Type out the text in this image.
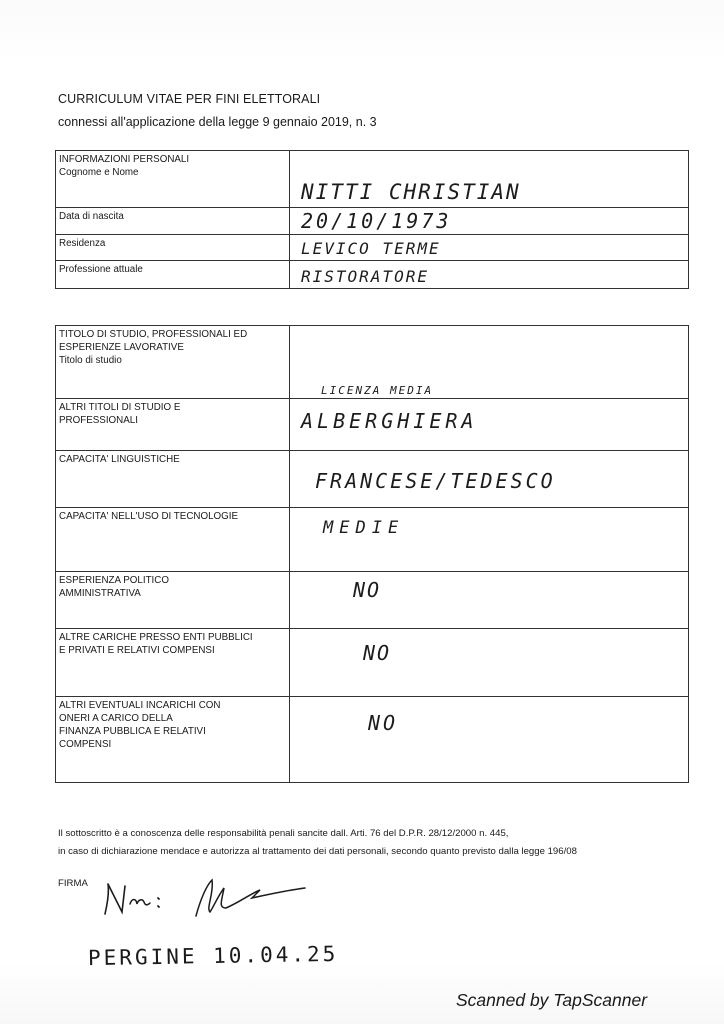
CURRICULUM VITAE PER FINI ELETTORALI
connessi all'applicazione della legge 9 gennaio 2019, n. 3
INFORMAZIONI PERSONALI
Cognome e Nome	NITTI CHRISTIAN

Data di nascita	20/10/1973

Residenza	LEVICO TERME

Professione attuale	RISTORATORE
TITOLO DI STUDIO, PROFESSIONALI ED
ESPERIENZE LAVORATIVE
Titolo di studio	LICENZA MEDIA

ALTRI TITOLI DI STUDIO E
PROFESSIONALI	ALBERGHIERA

CAPACITA' LINGUISTICHE	FRANCESE/TEDESCO

CAPACITA' NELL'USO DI TECNOLOGIE	MEDIE

ESPERIENZA POLITICO
AMMINISTRATIVA	NO

ALTRE CARICHE PRESSO ENTI PUBBLICI
E PRIVATI E RELATIVI COMPENSI	NO

ALTRI EVENTUALI INCARICHI CON
ONERI A CARICO DELLA
FINANZA PUBBLICA E RELATIVI
COMPENSI	NO
Il sottoscritto è a conoscenza delle responsabilità penali sancite dall. Arti. 76 del D.P.R. 28/12/2000 n. 445,
in caso di dichiarazione mendace e autorizza al trattamento dei dati personali, secondo quanto previsto dalla legge 196/08
FIRMA
PERGINE 10.04.25
Scanned by TapScanner
